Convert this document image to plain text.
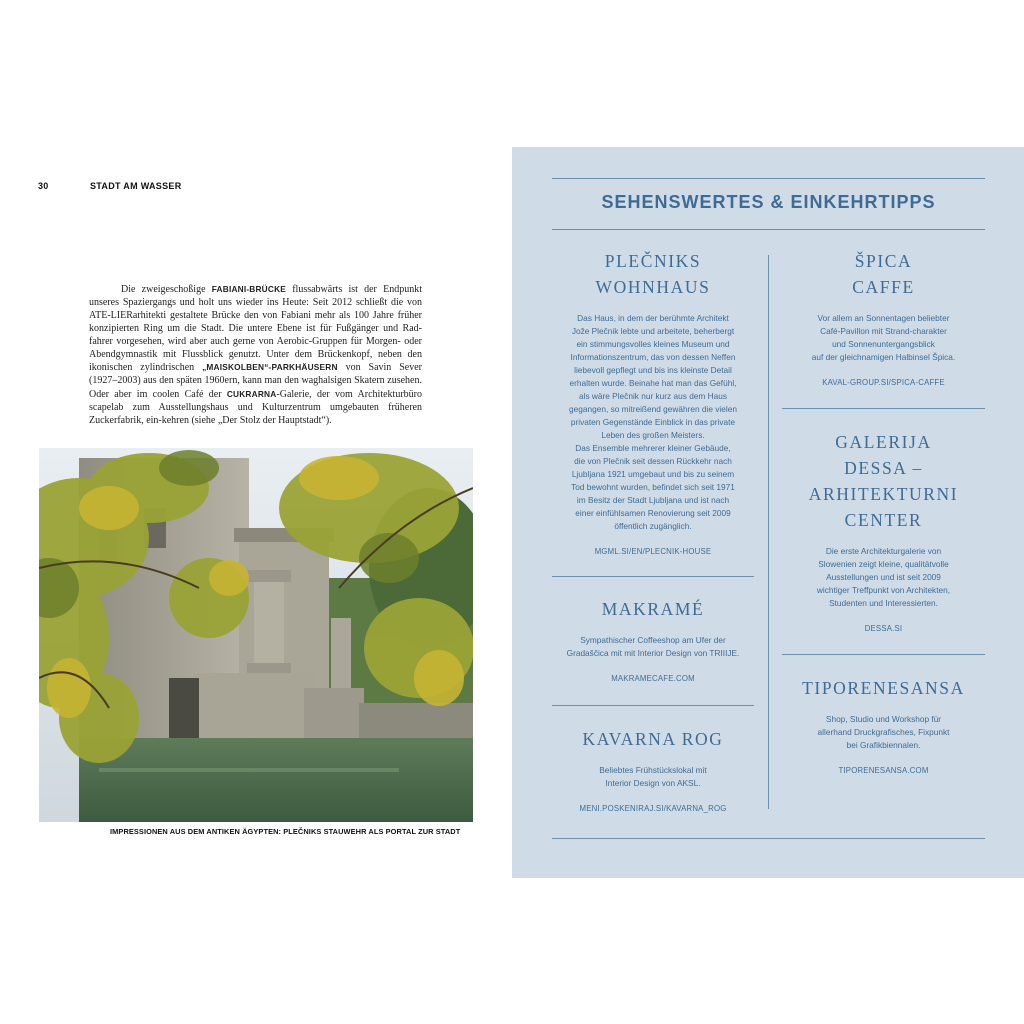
30	STADT AM WASSER

Die zweigeschoßige FABIANI-BRÜCKE flussabwärts ist der Endpunkt unseres Spaziergangs und holt uns wieder ins Heute: Seit 2012 schließt die von ATE-LIERarhitekti gestaltete Brücke den von Fabiani mehr als 100 Jahre früher konzipierten Ring um die Stadt. Die untere Ebene ist für Fußgänger und Rad-fahrer vorgesehen, wird aber auch gerne von Aerobic-Gruppen für Morgen- oder Abendgymnastik mit Flussblick genutzt. Unter dem Brückenkopf, neben den ikonischen zylindrischen „MAISKOLBEN“-PARKHÄUSERN von Savin Sever (1927–2003) aus den späten 1960ern, kann man den waghalsigen Skatern zusehen. Oder aber im coolen Café der CUKRARNA-Galerie, der vom Architekturbüro scapelab zum Ausstellungshaus und Kulturzentrum umgebauten früheren Zuckerfabrik, ein-kehren (siehe „Der Stolz der Hauptstadt“).

IMPRESSIONEN AUS DEM ANTIKEN ÄGYPTEN: PLEČNIKS STAUWEHR ALS PORTAL ZUR STADT
SEHENSWERTES & EINKEHRTIPPS
PLEČNIKS
WOHNHAUS
Das Haus, in dem der berühmte Architekt
Jože Plečnik lebte und arbeitete, beherbergt
ein stimmungsvolles kleines Museum und
Informationszentrum, das von dessen Neffen
liebevoll gepflegt und bis ins kleinste Detail
erhalten wurde. Beinahe hat man das Gefühl,
als wäre Plečnik nur kurz aus dem Haus
gegangen, so mitreißend gewähren die vielen
privaten Gegenstände Einblick in das private
Leben des großen Meisters.
Das Ensemble mehrerer kleiner Gebäude,
die von Plečnik seit dessen Rückkehr nach
Ljubljana 1921 umgebaut und bis zu seinem
Tod bewohnt wurden, befindet sich seit 1971
im Besitz der Stadt Ljubljana und ist nach
einer einfühlsamen Renovierung seit 2009
öffentlich zugänglich.
MGML.SI/EN/PLECNIK-HOUSE
MAKRAMÉ
Sympathischer Coffeeshop am Ufer der
Gradaščica mit mit Interior Design von TRIIIJE.
MAKRAMECAFE.COM
KAVARNA ROG
Beliebtes Frühstückslokal mit
Interior Design von AKSL.
MENI.POSKENIRAJ.SI/KAVARNA_ROG
ŠPICA
CAFFE
Vor allem an Sonnentagen beliebter
Café-Pavillon mit Strand-charakter
und Sonnenuntergangsblick
auf der gleichnamigen Halbinsel Špica.
KAVAL-GROUP.SI/SPICA-CAFFE
GALERIJA
DESSA –
ARHITEKTURNI
CENTER
Die erste Architekturgalerie von
Slowenien zeigt kleine, qualitätvolle
Ausstellungen und ist seit 2009
wichtiger Treffpunkt von Architekten,
Studenten und Interessierten.
DESSA.SI
TIPORENESANSA
Shop, Studio und Workshop für
allerhand Druckgrafisches, Fixpunkt
bei Grafikbiennalen.
TIPORENESANSA.COM
